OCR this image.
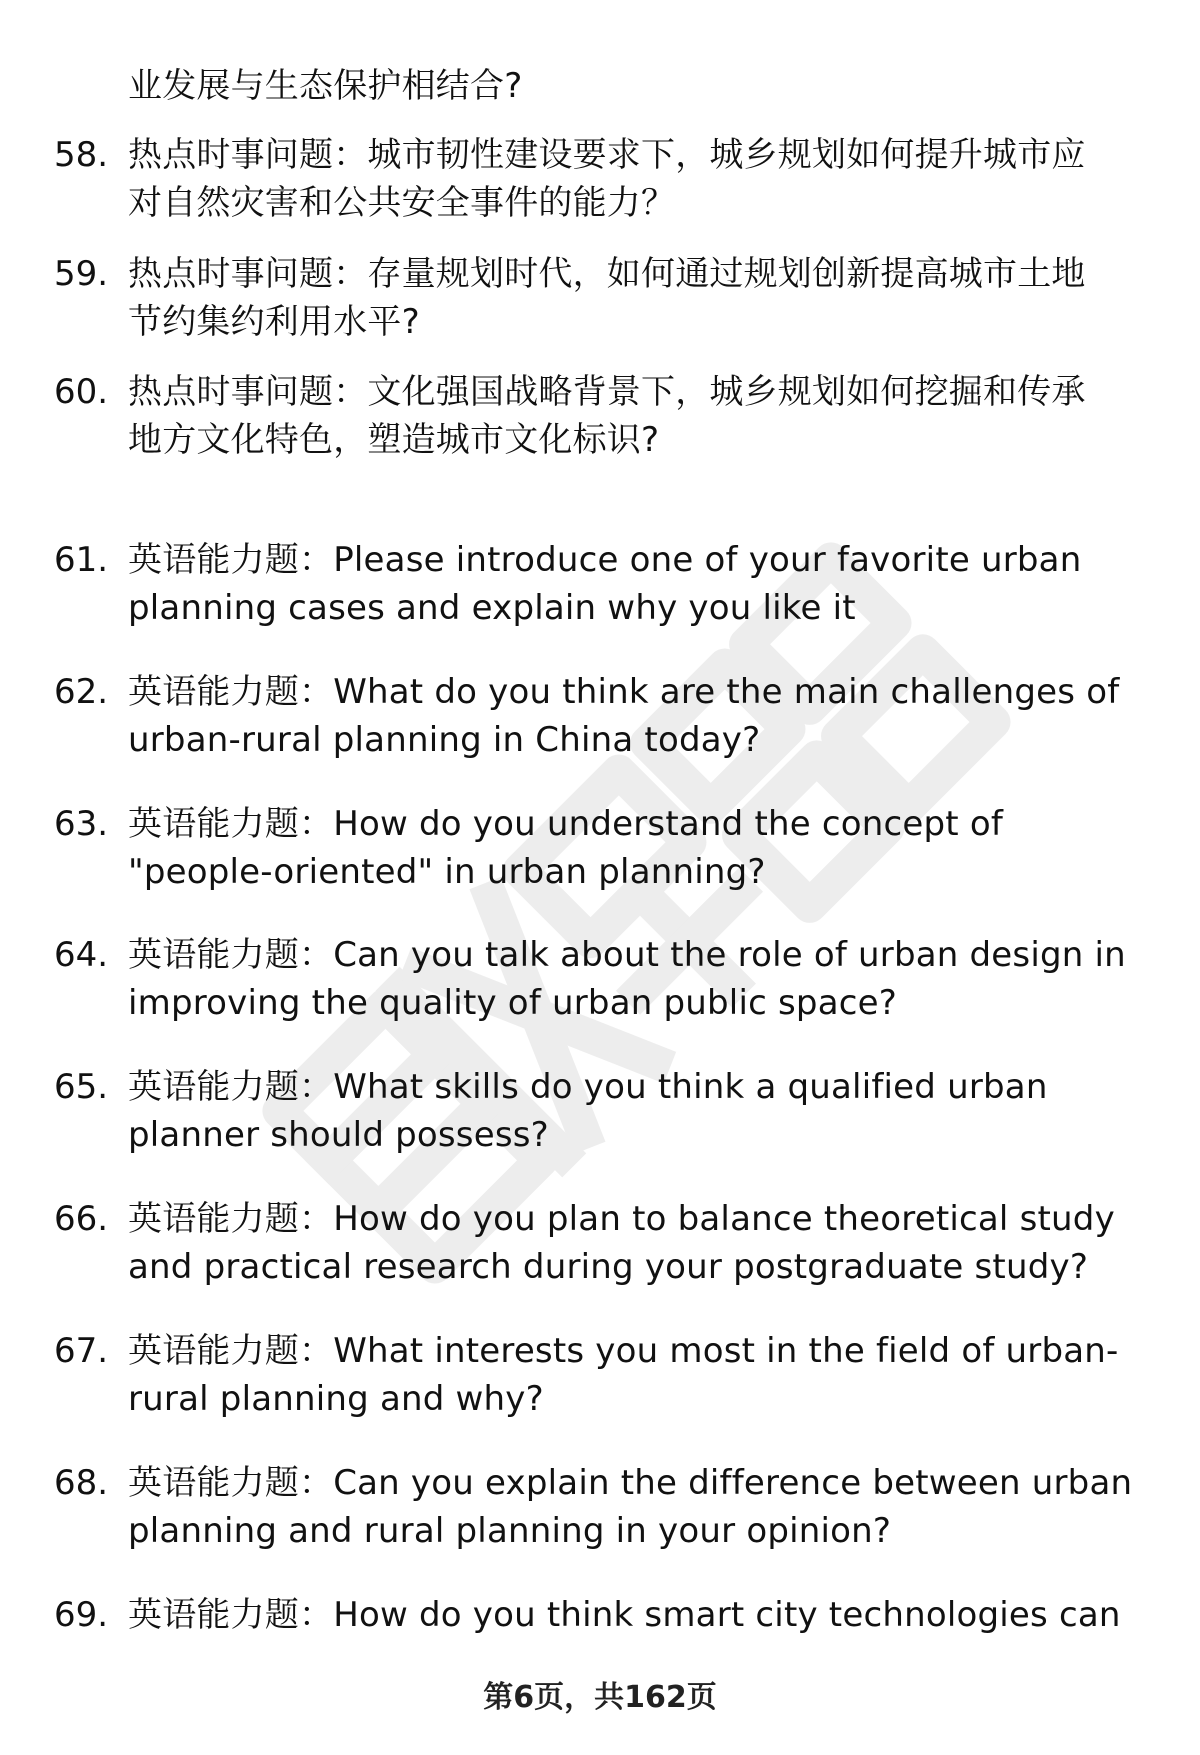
业发展与生态保护相结合?
58. 热点时事问题：城市韧性建设要求下，城乡规划如何提升城市应
对自然灾害和公共安全事件的能力？
59. 热点时事问题：存量规划时代，如何通过规划创新提高城市土地
节约集约利用水平?
60. 热点时事问题：文化强国战略背景下，城乡规划如何挖掘和传承
地方文化特色，塑造城市文化标识?
61. 英语能力题：Please introduce one of your favorite urban
planning cases and explain why you like it
62. 英语能力题：What do you think are the main challenges of
urban-rural planning in China today?
63. 英语能力题：How do you understand the concept of
"people-oriented" in urban planning?
64. 英语能力题：Can you talk about the role of urban design in
improving the quality of urban public space?
65. 英语能力题：What skills do you think a qualified urban
planner should possess?
66. 英语能力题：How do you plan to balance theoretical study
and practical research during your postgraduate study?
67. 英语能力题：What interests you most in the field of urban-
rural planning and why?
68. 英语能力题：Can you explain the difference between urban
planning and rural planning in your opinion?
69. 英语能力题：How do you think smart city technologies can
第6页，共162页
